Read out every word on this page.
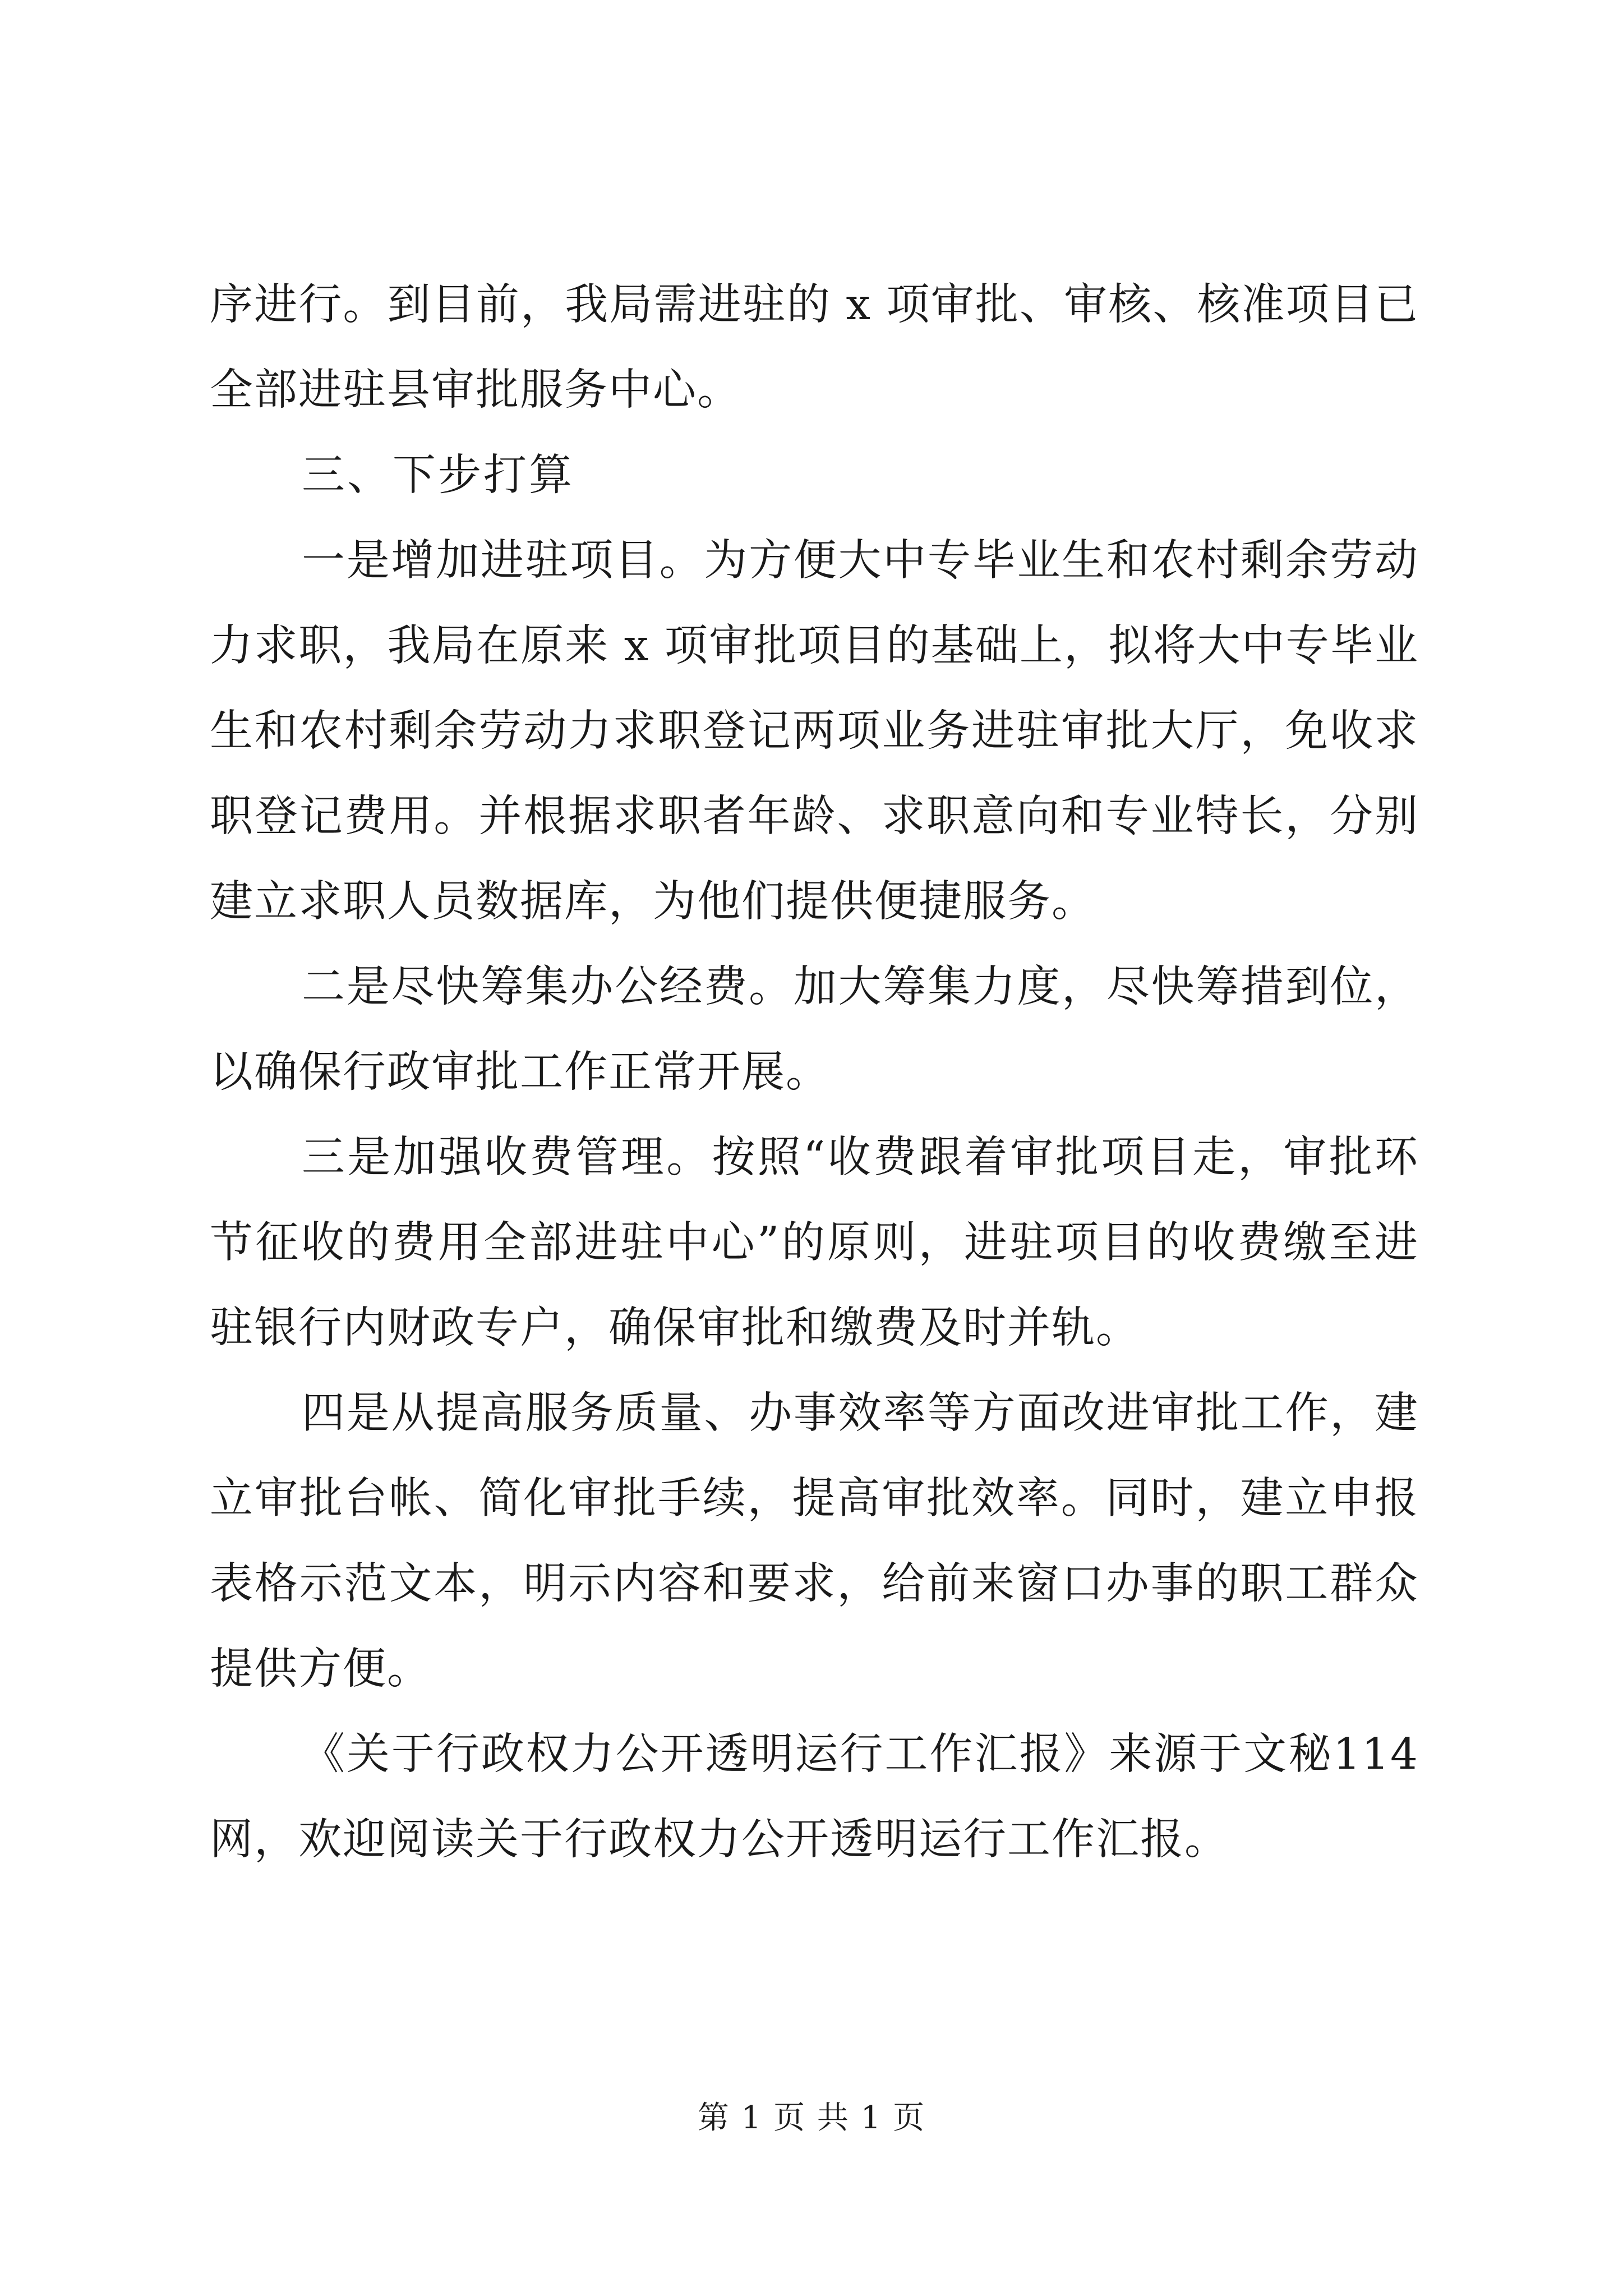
序进行。到目前，我局需进驻的 x 项审批、审核、核准项目已全部进驻县审批服务中心。

三、下步打算

一是增加进驻项目。为方便大中专毕业生和农村剩余劳动力求职，我局在原来 x 项审批项目的基础上，拟将大中专毕业生和农村剩余劳动力求职登记两项业务进驻审批大厅，免收求职登记费用。并根据求职者年龄、求职意向和专业特长，分别建立求职人员数据库，为他们提供便捷服务。

二是尽快筹集办公经费。加大筹集力度，尽快筹措到位，以确保行政审批工作正常开展。

三是加强收费管理。按照“收费跟着审批项目走，审批环节征收的费用全部进驻中心”的原则，进驻项目的收费缴至进驻银行内财政专户，确保审批和缴费及时并轨。

四是从提高服务质量、办事效率等方面改进审批工作，建立审批台帐、简化审批手续，提高审批效率。同时，建立申报表格示范文本，明示内容和要求，给前来窗口办事的职工群众提供方便。

《关于行政权力公开透明运行工作汇报》来源于文秘114网，欢迎阅读关于行政权力公开透明运行工作汇报。

第 1 页 共 1 页
